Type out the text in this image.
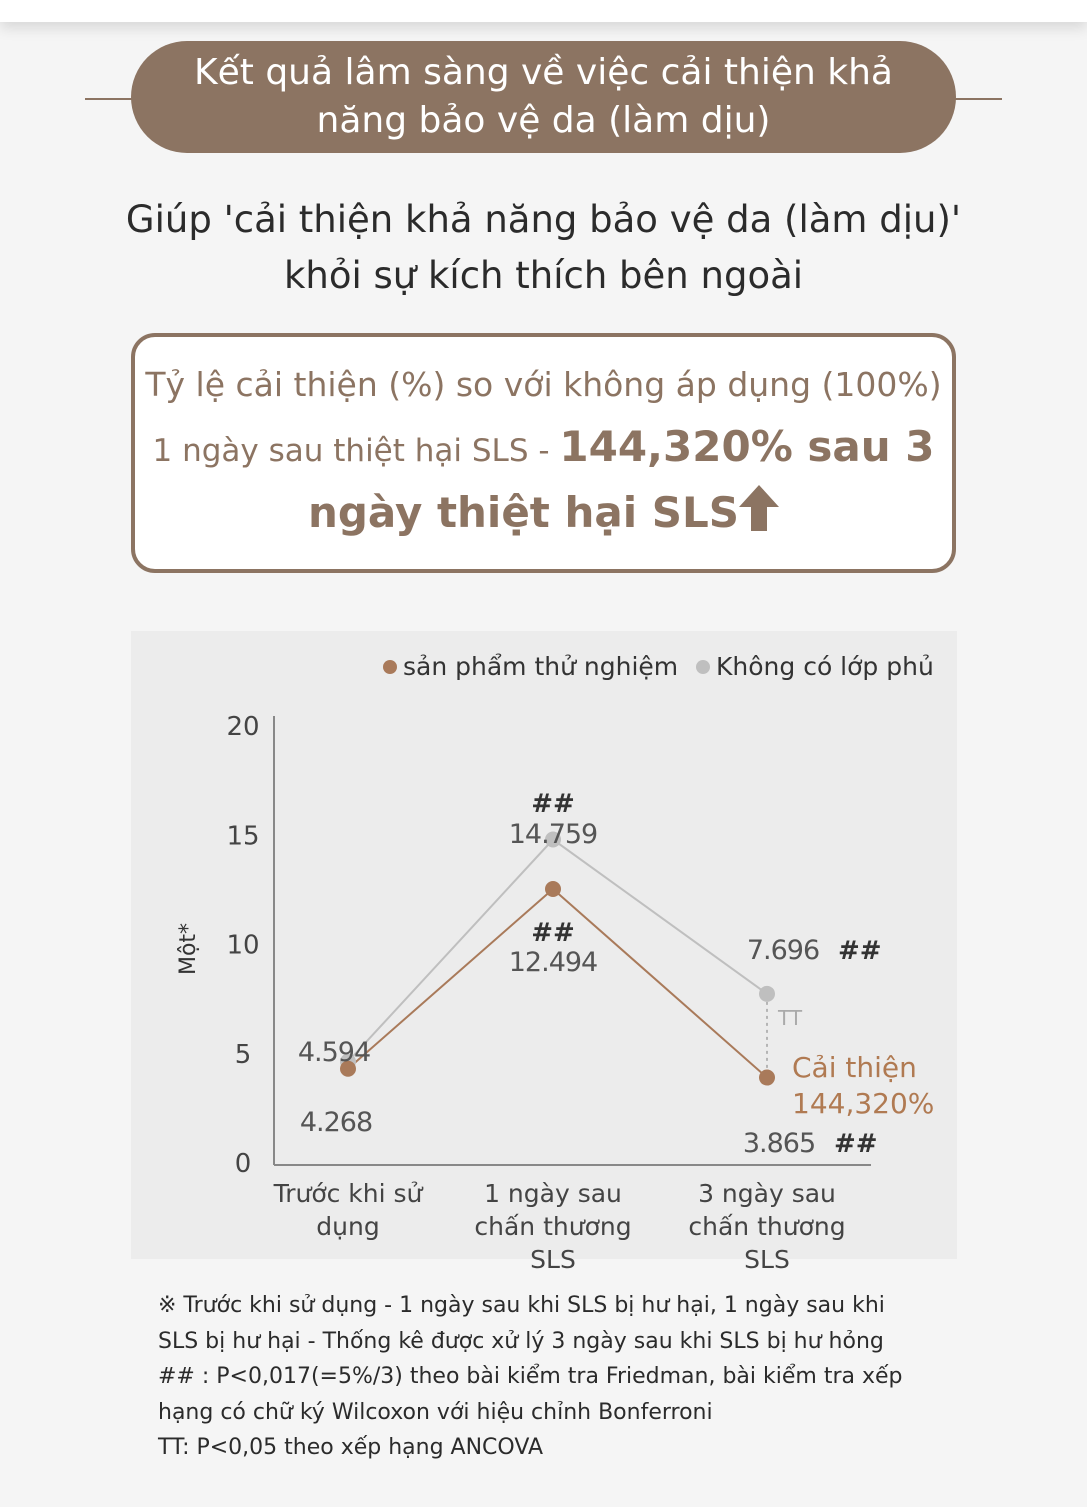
Kết quả lâm sàng về việc cải thiện khả
năng bảo vệ da (làm dịu)
Giúp 'cải thiện khả năng bảo vệ da (làm dịu)'
khỏi sự kích thích bên ngoài
Tỷ lệ cải thiện (%) so với không áp dụng (100%)
1 ngày sau thiệt hại SLS - 144,320% sau 3
ngày thiệt hại SLS
0
5
10
15
20
Một*
Trước khi sử
dụng
1 ngày sau
chấn thương
SLS
3 ngày sau
chấn thương
SLS
sản phẩm thử nghiệm Không có lớp phủ
4.268
12.494
##
3.865 ##
4.594
14.759
##
7.696 ##
TT
Cải thiện
144,320%
※ Trước khi sử dụng - 1 ngày sau khi SLS bị hư hại, 1 ngày sau khi
SLS bị hư hại - Thống kê được xử lý 3 ngày sau khi SLS bị hư hỏng
## : P<0,017(=5%/3) theo bài kiểm tra Friedman, bài kiểm tra xếp
hạng có chữ ký Wilcoxon với hiệu chỉnh Bonferroni
TT: P<0,05 theo xếp hạng ANCOVA
